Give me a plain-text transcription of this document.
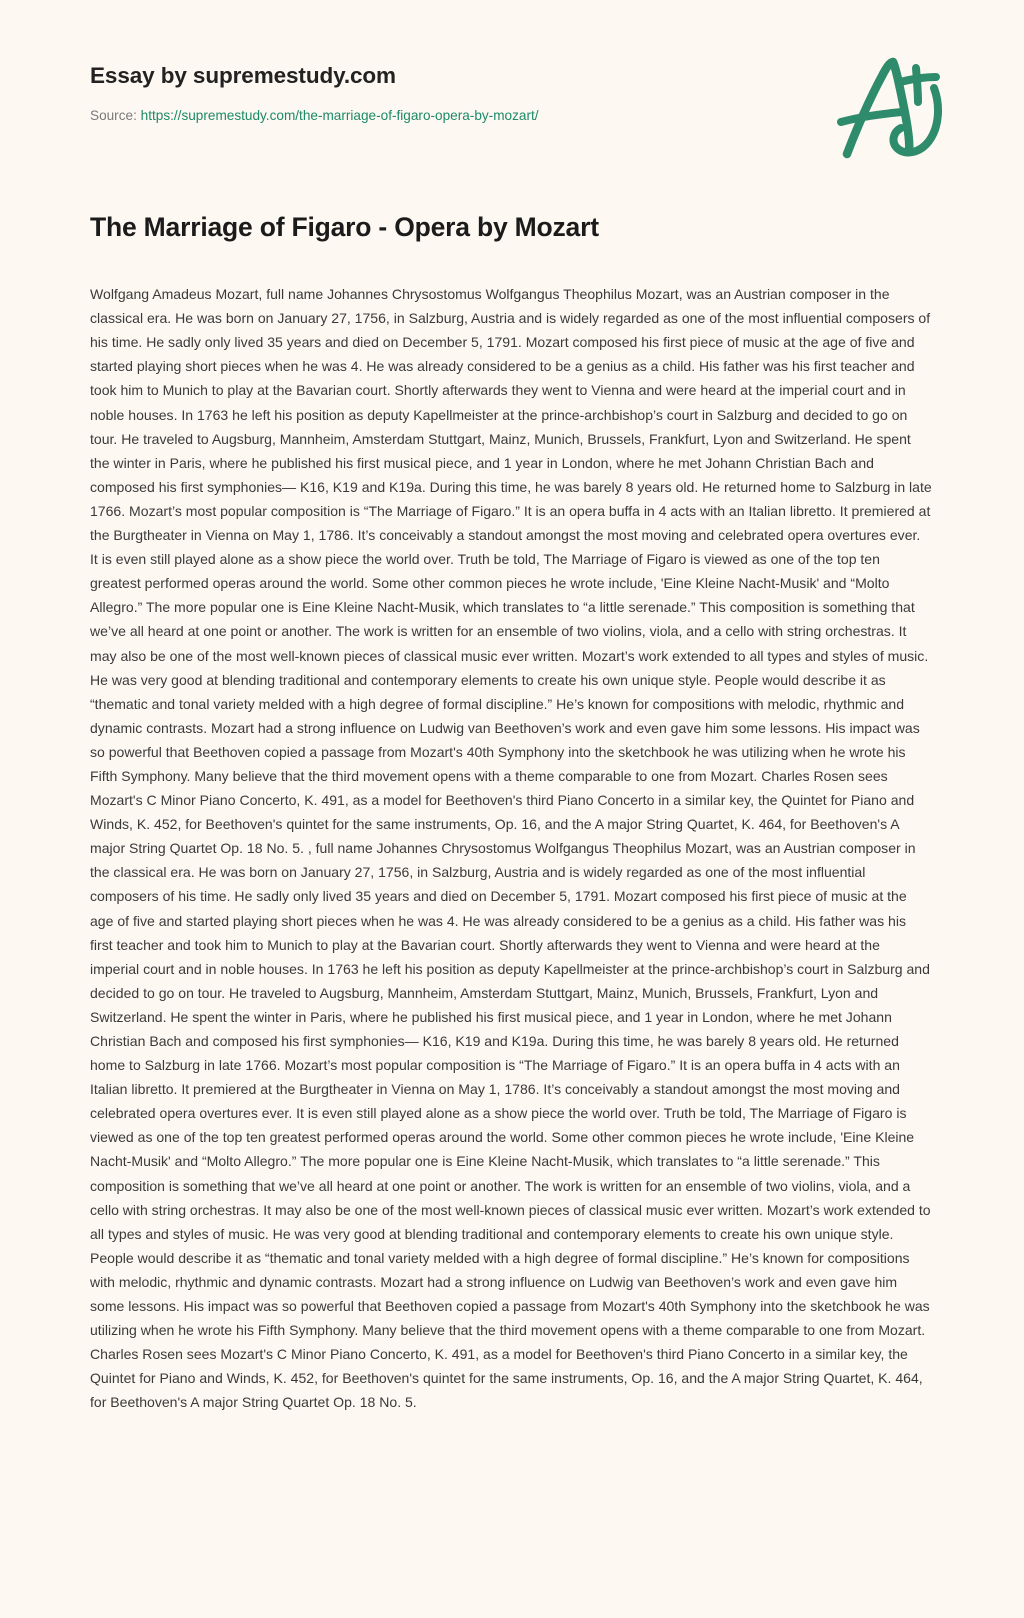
Essay by supremestudy.com
Source: https://supremestudy.com/the-marriage-of-figaro-opera-by-mozart/
The Marriage of Figaro - Opera by Mozart

Wolfgang Amadeus Mozart, full name Johannes Chrysostomus Wolfgangus Theophilus Mozart, was an Austrian composer in the classical era. He was born on January 27, 1756, in Salzburg, Austria and is widely regarded as one of the most influential composers of his time. He sadly only lived 35 years and died on December 5, 1791. Mozart composed his first piece of music at the age of five and started playing short pieces when he was 4. He was already considered to be a genius as a child. His father was his first teacher and took him to Munich to play at the Bavarian court. Shortly afterwards they went to Vienna and were heard at the imperial court and in noble houses. In 1763 he left his position as deputy Kapellmeister at the prince-archbishop’s court in Salzburg and decided to go on tour. He traveled to Augsburg, Mannheim, Amsterdam Stuttgart, Mainz, Munich, Brussels, Frankfurt, Lyon and Switzerland. He spent the winter in Paris, where he published his first musical piece, and 1 year in London, where he met Johann Christian Bach and composed his first symphonies— K16, K19 and K19a. During this time, he was barely 8 years old. He returned home to Salzburg in late 1766. Mozart’s most popular composition is “The Marriage of Figaro.” It is an opera buffa in 4 acts with an Italian libretto. It premiered at the Burgtheater in Vienna on May 1, 1786. It’s conceivably a standout amongst the most moving and celebrated opera overtures ever. It is even still played alone as a show piece the world over. Truth be told, The Marriage of Figaro is viewed as one of the top ten greatest performed operas around the world. Some other common pieces he wrote include, 'Eine Kleine Nacht-Musik' and “Molto Allegro.” The more popular one is Eine Kleine Nacht-Musik, which translates to “a little serenade.” This composition is something that we’ve all heard at one point or another. The work is written for an ensemble of two violins, viola, and a cello with string orchestras. It may also be one of the most well-known pieces of classical music ever written. Mozart’s work extended to all types and styles of music. He was very good at blending traditional and contemporary elements to create his own unique style. People would describe it as “thematic and tonal variety melded with a high degree of formal discipline.” He’s known for compositions with melodic, rhythmic and dynamic contrasts. Mozart had a strong influence on Ludwig van Beethoven’s work and even gave him some lessons. His impact was so powerful that Beethoven copied a passage from Mozart's 40th Symphony into the sketchbook he was utilizing when he wrote his Fifth Symphony. Many believe that the third movement opens with a theme comparable to one from Mozart. Charles Rosen sees Mozart's C Minor Piano Concerto, K. 491, as a model for Beethoven's third Piano Concerto in a similar key, the Quintet for Piano and Winds, K. 452, for Beethoven's quintet for the same instruments, Op. 16, and the A major String Quartet, K. 464, for Beethoven's A major String Quartet Op. 18 No. 5. , full name Johannes Chrysostomus Wolfgangus Theophilus Mozart, was an Austrian composer in the classical era. He was born on January 27, 1756, in Salzburg, Austria and is widely regarded as one of the most influential composers of his time. He sadly only lived 35 years and died on December 5, 1791. Mozart composed his first piece of music at the age of five and started playing short pieces when he was 4. He was already considered to be a genius as a child. His father was his first teacher and took him to Munich to play at the Bavarian court. Shortly afterwards they went to Vienna and were heard at the imperial court and in noble houses. In 1763 he left his position as deputy Kapellmeister at the prince-archbishop’s court in Salzburg and decided to go on tour. He traveled to Augsburg, Mannheim, Amsterdam Stuttgart, Mainz, Munich, Brussels, Frankfurt, Lyon and Switzerland. He spent the winter in Paris, where he published his first musical piece, and 1 year in London, where he met Johann Christian Bach and composed his first symphonies— K16, K19 and K19a. During this time, he was barely 8 years old. He returned home to Salzburg in late 1766. Mozart’s most popular composition is “The Marriage of Figaro.” It is an opera buffa in 4 acts with an Italian libretto. It premiered at the Burgtheater in Vienna on May 1, 1786. It’s conceivably a standout amongst the most moving and celebrated opera overtures ever. It is even still played alone as a show piece the world over. Truth be told, The Marriage of Figaro is viewed as one of the top ten greatest performed operas around the world. Some other common pieces he wrote include, 'Eine Kleine Nacht-Musik' and “Molto Allegro.” The more popular one is Eine Kleine Nacht-Musik, which translates to “a little serenade.” This composition is something that we’ve all heard at one point or another. The work is written for an ensemble of two violins, viola, and a cello with string orchestras. It may also be one of the most well-known pieces of classical music ever written. Mozart’s work extended to all types and styles of music. He was very good at blending traditional and contemporary elements to create his own unique style. People would describe it as “thematic and tonal variety melded with a high degree of formal discipline.” He’s known for compositions with melodic, rhythmic and dynamic contrasts. Mozart had a strong influence on Ludwig van Beethoven’s work and even gave him some lessons. His impact was so powerful that Beethoven copied a passage from Mozart's 40th Symphony into the sketchbook he was utilizing when he wrote his Fifth Symphony. Many believe that the third movement opens with a theme comparable to one from Mozart. Charles Rosen sees Mozart's C Minor Piano Concerto, K. 491, as a model for Beethoven's third Piano Concerto in a similar key, the Quintet for Piano and Winds, K. 452, for Beethoven's quintet for the same instruments, Op. 16, and the A major String Quartet, K. 464, for Beethoven's A major String Quartet Op. 18 No. 5.
